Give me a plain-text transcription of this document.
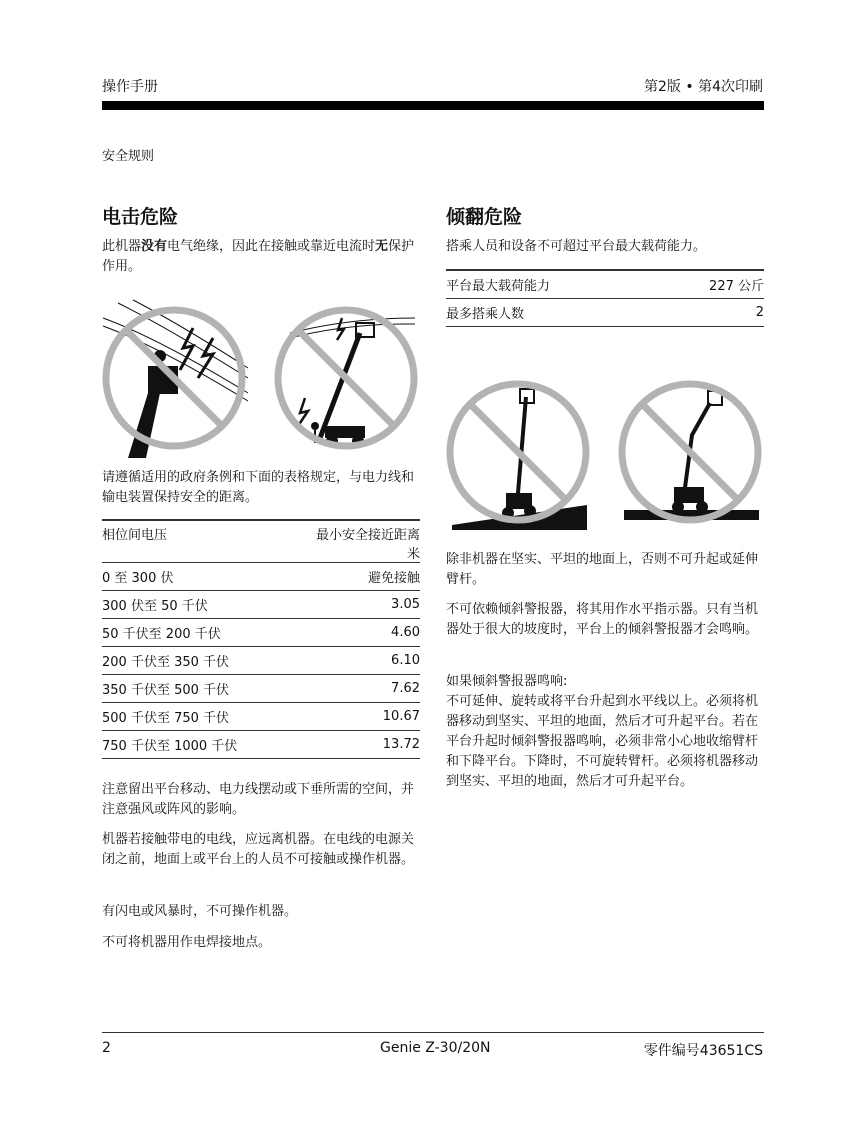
操作手册	第2版 • 第4次印刷
安全规则
电击危险

此机器没有电气绝缘，因此在接触或靠近电流时无保护作用。

请遵循适用的政府条例和下面的表格规定，与电力线和输电装置保持安全的距离。

相位间电压	最小安全接近距离
米
0 至 300 伏	避免接触
300 伏至 50 千伏	3.05
50 千伏至 200 千伏	4.60
200 千伏至 350 千伏	6.10
350 千伏至 500 千伏	7.62
500 千伏至 750 千伏	10.67
750 千伏至 1000 千伏	13.72

注意留出平台移动、电力线摆动或下垂所需的空间，并注意强风或阵风的影响。

机器若接触带电的电线，应远离机器。在电线的电源关闭之前，地面上或平台上的人员不可接触或操作机器。

有闪电或风暴时，不可操作机器。

不可将机器用作电焊接地点。

倾翻危险

搭乘人员和设备不可超过平台最大载荷能力。

平台最大载荷能力	227 公斤
最多搭乘人数	2

除非机器在坚实、平坦的地面上，否则不可升起或延伸臂杆。

不可依赖倾斜警报器，将其用作水平指示器。只有当机器处于很大的坡度时，平台上的倾斜警报器才会鸣响。

如果倾斜警报器鸣响:

不可延伸、旋转或将平台升起到水平线以上。必须将机器移动到坚实、平坦的地面，然后才可升起平台。若在平台升起时倾斜警报器鸣响，必须非常小心地收缩臂杆和下降平台。下降时，不可旋转臂杆。必须将机器移动到坚实、平坦的地面，然后才可升起平台。

2	Genie Z-30/20N	零件编号43651CS
